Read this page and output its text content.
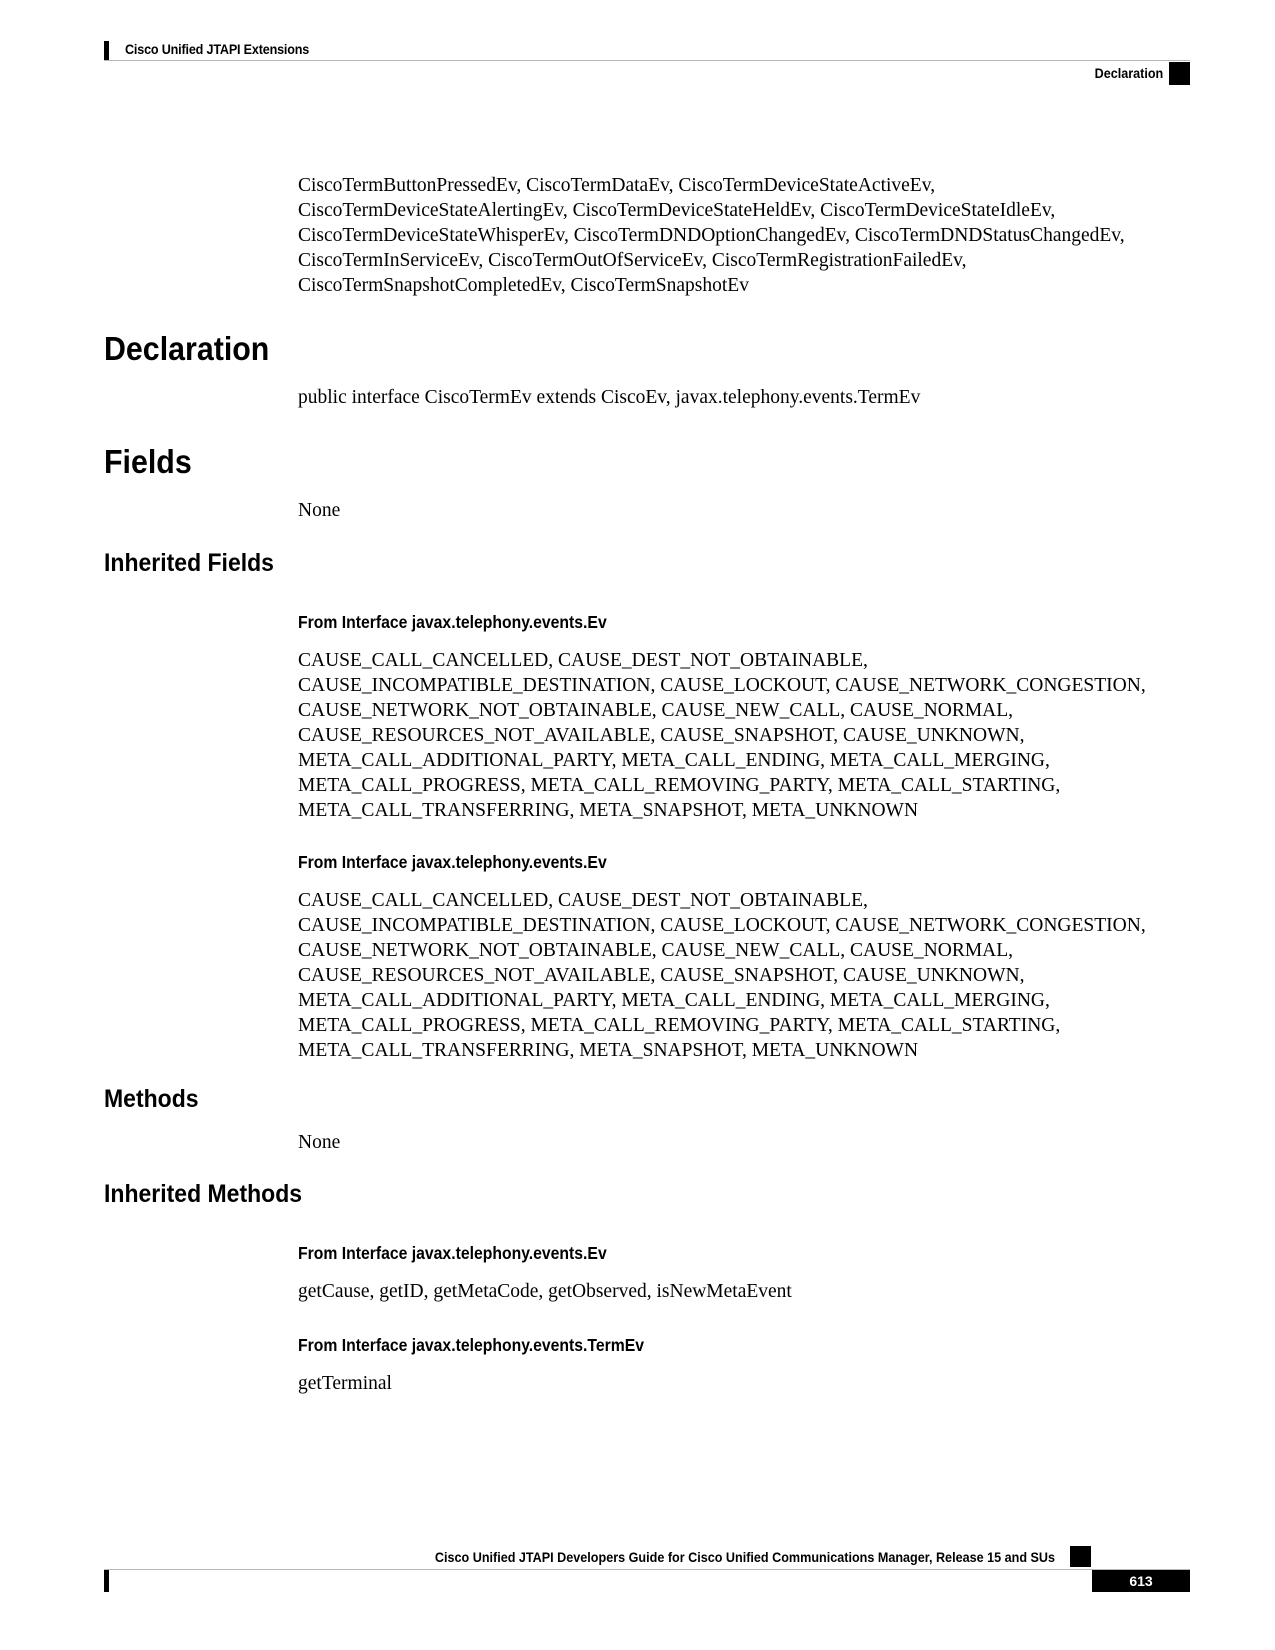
Cisco Unified JTAPI Extensions
Declaration
CiscoTermButtonPressedEv, CiscoTermDataEv, CiscoTermDeviceStateActiveEv, CiscoTermDeviceStateAlertingEv, CiscoTermDeviceStateHeldEv, CiscoTermDeviceStateIdleEv, CiscoTermDeviceStateWhisperEv, CiscoTermDNDOptionChangedEv, CiscoTermDNDStatusChangedEv, CiscoTermInServiceEv, CiscoTermOutOfServiceEv, CiscoTermRegistrationFailedEv, CiscoTermSnapshotCompletedEv, CiscoTermSnapshotEv
Declaration
public interface CiscoTermEv extends CiscoEv, javax.telephony.events.TermEv
Fields
None
Inherited Fields
From Interface javax.telephony.events.Ev
CAUSE_CALL_CANCELLED, CAUSE_DEST_NOT_OBTAINABLE, CAUSE_INCOMPATIBLE_DESTINATION, CAUSE_LOCKOUT, CAUSE_NETWORK_CONGESTION, CAUSE_NETWORK_NOT_OBTAINABLE, CAUSE_NEW_CALL, CAUSE_NORMAL, CAUSE_RESOURCES_NOT_AVAILABLE, CAUSE_SNAPSHOT, CAUSE_UNKNOWN, META_CALL_ADDITIONAL_PARTY, META_CALL_ENDING, META_CALL_MERGING, META_CALL_PROGRESS, META_CALL_REMOVING_PARTY, META_CALL_STARTING, META_CALL_TRANSFERRING, META_SNAPSHOT, META_UNKNOWN
From Interface javax.telephony.events.Ev
CAUSE_CALL_CANCELLED, CAUSE_DEST_NOT_OBTAINABLE, CAUSE_INCOMPATIBLE_DESTINATION, CAUSE_LOCKOUT, CAUSE_NETWORK_CONGESTION, CAUSE_NETWORK_NOT_OBTAINABLE, CAUSE_NEW_CALL, CAUSE_NORMAL, CAUSE_RESOURCES_NOT_AVAILABLE, CAUSE_SNAPSHOT, CAUSE_UNKNOWN, META_CALL_ADDITIONAL_PARTY, META_CALL_ENDING, META_CALL_MERGING, META_CALL_PROGRESS, META_CALL_REMOVING_PARTY, META_CALL_STARTING, META_CALL_TRANSFERRING, META_SNAPSHOT, META_UNKNOWN
Methods
None
Inherited Methods
From Interface javax.telephony.events.Ev
getCause, getID, getMetaCode, getObserved, isNewMetaEvent
From Interface javax.telephony.events.TermEv
getTerminal
Cisco Unified JTAPI Developers Guide for Cisco Unified Communications Manager, Release 15 and SUs
613
